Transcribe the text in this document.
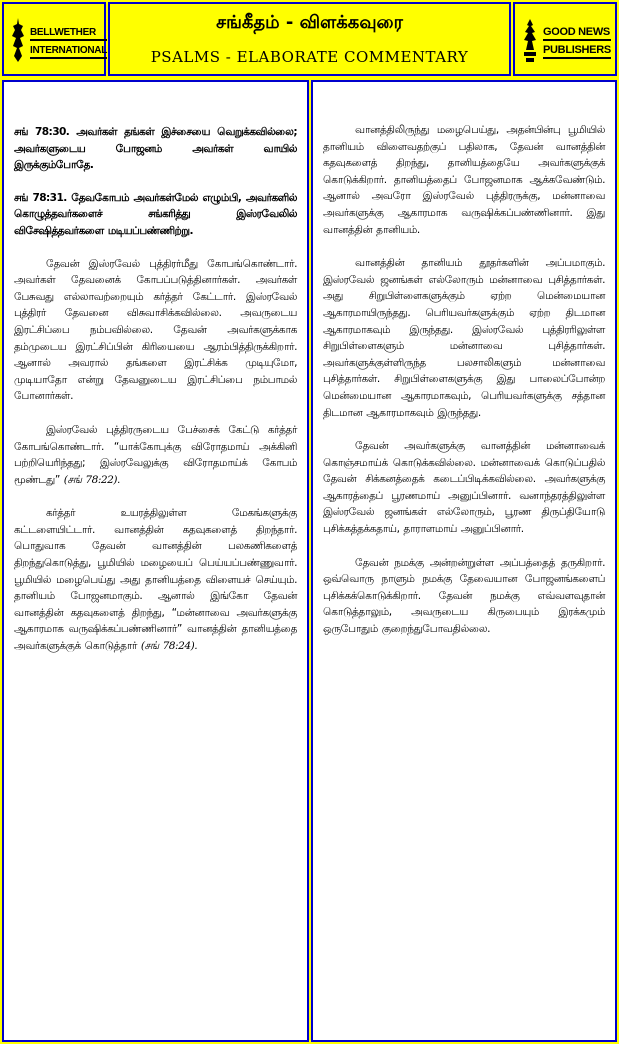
BELLWETHER
INTERNATIONAL
சங்கீதம் - விளக்கவுரை
PSALMS - ELABORATE COMMENTARY
GOOD NEWS
PUBLISHERS

சங் 78:30. அவர்கள் தங்கள் இச்சையை வெறுக்கவில்லை; அவர்களுடைய போஜனம் அவர்கள் வாயில் இருக்கும்போதே.

சங் 78:31. தேவகோபம் அவர்கள்மேல் எழும்பி, அவர்களில் கொழுத்தவர்களைச் சங்கரித்து இஸ்ரவேலில் விசேஷித்தவர்களை மடியப்பண்ணிற்று.

தேவன் இஸ்ரவேல் புத்திரர்மீது கோபங்கொண்டார். அவர்கள் தேவனைக் கோபப்படுத்தினார்கள். அவர்கள் பேசுவது எல்லாவற்றையும் கர்த்தர் கேட்டார். இஸ்ரவேல் புத்திரர் தேவனை விசுவாசிக்கவில்லை. அவருடைய இரட்சிப்பை நம்பவில்லை. தேவன் அவர்களுக்காக தம்முடைய இரட்சிப்பின் கிரியையை ஆரம்பித்திருக்கிறார். ஆனால் அவரால் தங்களை இரட்சிக்க முடியுமோ, முடியாதோ என்று தேவனுடைய இரட்சிப்பை நம்பாமல் போனார்கள்.

இஸ்ரவேல் புத்திரருடைய பேச்சைக் கேட்டு கர்த்தர் கோபங்கொண்டார். “யாக்கோபுக்கு விரோதமாய் அக்கினி பற்றியெரிந்தது; இஸ்ரவேலுக்கு விரோதமாய்க் கோபம் மூண்டது” (சங் 78:22).

கர்த்தர் உயரத்திலுள்ள மேகங்களுக்கு கட்டளையிட்டார். வானத்தின் கதவுகளைத் திறந்தார். பொதுவாக தேவன் வானத்தின் பலகணிகளைத் திறந்துகொடுத்து, பூமியில் மழையைப் பெய்யப்பண்ணுவார். பூமியில் மழைபெய்து அது தானியத்தை விளையச் செய்யும். தானியம் போஜனமாகும். ஆனால் இங்கோ தேவன் வானத்தின் கதவுகளைத் திறந்து, “மன்னாவை அவர்களுக்கு ஆகாரமாக வருஷிக்கப்பண்ணினார்” வானத்தின் தானியத்தை அவர்களுக்குக் கொடுத்தார் (சங் 78:24).

வானத்திலிருந்து மழைபெய்து, அதன்பின்பு பூமியில் தானியம் விளைவதற்குப் பதிலாக, தேவன் வானத்தின் கதவுகளைத் திறந்து, தானியத்தையே அவர்களுக்குக் கொடுக்கிறார். தானியத்தைப் போஜனமாக ஆக்கவேண்டும். ஆனால் அவரோ இஸ்ரவேல் புத்திரருக்கு, மன்னாவை அவர்களுக்கு ஆகாரமாக வருஷிக்கப்பண்ணினார். இது வானத்தின் தானியம்.

வானத்தின் தானியம் தூதர்களின் அப்பமாகும். இஸ்ரவேல் ஜனங்கள் எல்லோரும் மன்னாவை புசித்தார்கள். அது சிறுபிள்ளைகளுக்கும் ஏற்ற மென்மையான ஆகாரமாயிருந்தது. பெரியவர்களுக்கும் ஏற்ற திடமான ஆகாரமாகவும் இருந்தது. இஸ்ரவேல் புத்திரரிலுள்ள சிறுபிள்ளைகளும் மன்னாவை புசித்தார்கள். அவர்களுக்குள்ளிருந்த பலசாலிகளும் மன்னாவை புசித்தார்கள். சிறுபிள்ளைகளுக்கு இது பாலைப்போன்ற மென்மையான ஆகாரமாகவும், பெரியவர்களுக்கு சத்தான திடமான ஆகாரமாகவும் இருந்தது.

தேவன் அவர்களுக்கு வானத்தின் மன்னாவைக் கொஞ்சமாய்க் கொடுக்கவில்லை. மன்னாவைக் கொடுப்பதில் தேவன் சிக்கனத்தைக் கடைப்பிடிக்கவில்லை. அவர்களுக்கு ஆகாரத்தைப் பூரணமாய் அனுப்பினார். வனாந்தரத்திலுள்ள இஸ்ரவேல் ஜனங்கள் எல்லோரும், பூரண திருப்தியோடு புசிக்கத்தக்கதாய், தாராளமாய் அனுப்பினார்.

தேவன் நமக்கு அன்றன்றுள்ள அப்பத்தைத் தருகிறார். ஒவ்வொரு நாளும் நமக்கு தேவையான போஜனங்களைப் புசிக்கக்கொடுக்கிறார். தேவன் நமக்கு எவ்வளவுதான் கொடுத்தாலும், அவருடைய கிருபையும் இரக்கமும் ஒருபோதும் குறைந்துபோவதில்லை.
